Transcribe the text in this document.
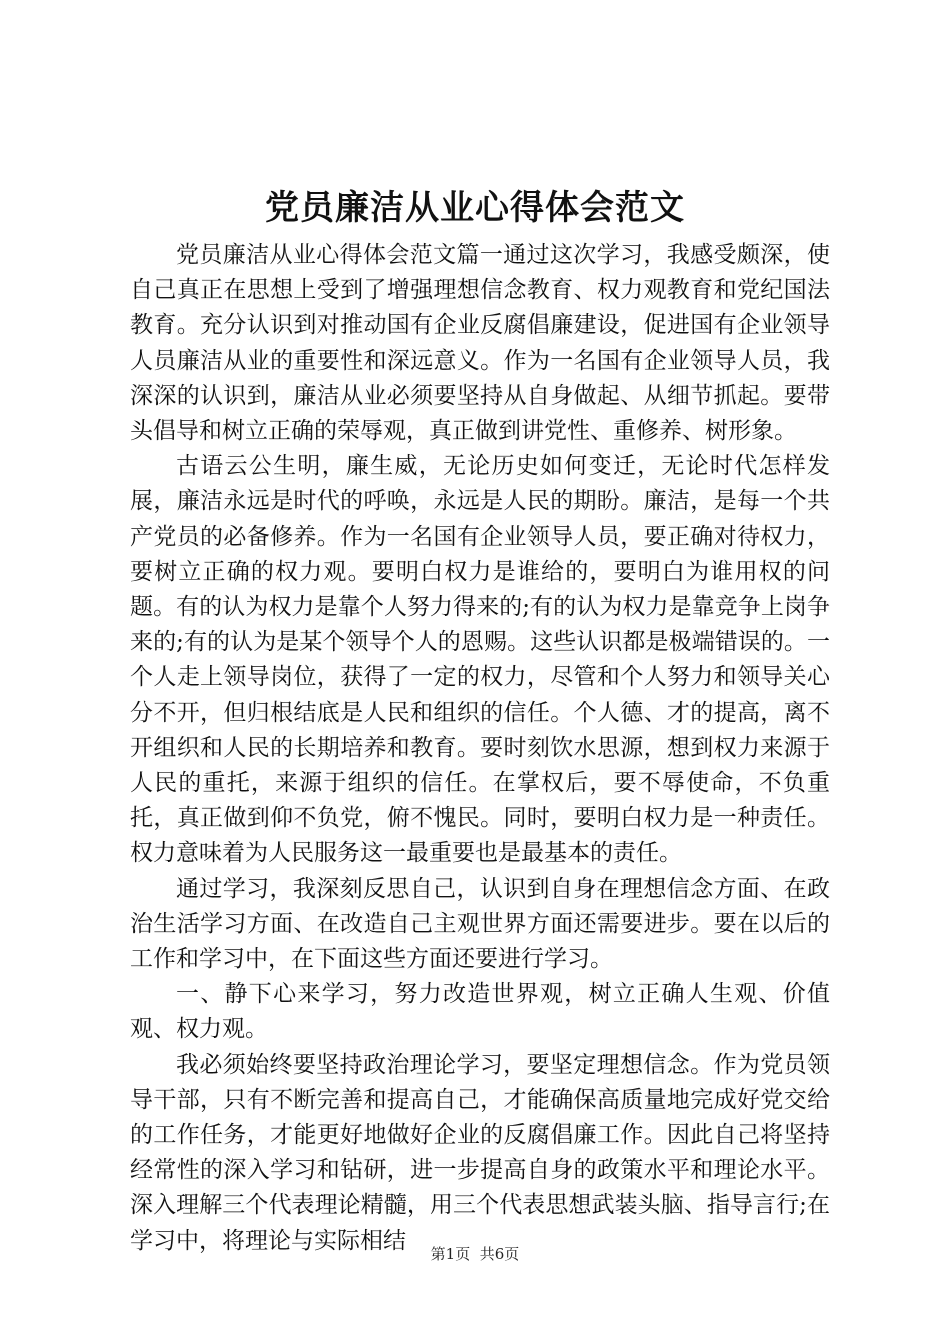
党员廉洁从业心得体会范文

党员廉洁从业心得体会范文篇一通过这次学习，我感受颇深，使自己真正在思想上受到了增强理想信念教育、权力观教育和党纪国法教育。充分认识到对推动国有企业反腐倡廉建设，促进国有企业领导人员廉洁从业的重要性和深远意义。作为一名国有企业领导人员，我深深的认识到，廉洁从业必须要坚持从自身做起、从细节抓起。要带头倡导和树立正确的荣辱观，真正做到讲党性、重修养、树形象。

古语云公生明，廉生威，无论历史如何变迁，无论时代怎样发展，廉洁永远是时代的呼唤，永远是人民的期盼。廉洁，是每一个共产党员的必备修养。作为一名国有企业领导人员，要正确对待权力，要树立正确的权力观。要明白权力是谁给的，要明白为谁用权的问题。有的认为权力是靠个人努力得来的;有的认为权力是靠竞争上岗争来的;有的认为是某个领导个人的恩赐。这些认识都是极端错误的。一个人走上领导岗位，获得了一定的权力，尽管和个人努力和领导关心分不开，但归根结底是人民和组织的信任。个人德、才的提高，离不开组织和人民的长期培养和教育。要时刻饮水思源，想到权力来源于人民的重托，来源于组织的信任。在掌权后，要不辱使命，不负重托，真正做到仰不负党，俯不愧民。同时，要明白权力是一种责任。权力意味着为人民服务这一最重要也是最基本的责任。

通过学习，我深刻反思自己，认识到自身在理想信念方面、在政治生活学习方面、在改造自己主观世界方面还需要进步。要在以后的工作和学习中，在下面这些方面还要进行学习。

一、静下心来学习，努力改造世界观，树立正确人生观、价值观、权力观。

我必须始终要坚持政治理论学习，要坚定理想信念。作为党员领导干部，只有不断完善和提高自己，才能确保高质量地完成好党交给的工作任务，才能更好地做好企业的反腐倡廉工作。因此自己将坚持经常性的深入学习和钻研，进一步提高自身的政策水平和理论水平。深入理解三个代表理论精髓，用三个代表思想武装头脑、指导言行;在学习中，将理论与实际相结

第1页 共6页
